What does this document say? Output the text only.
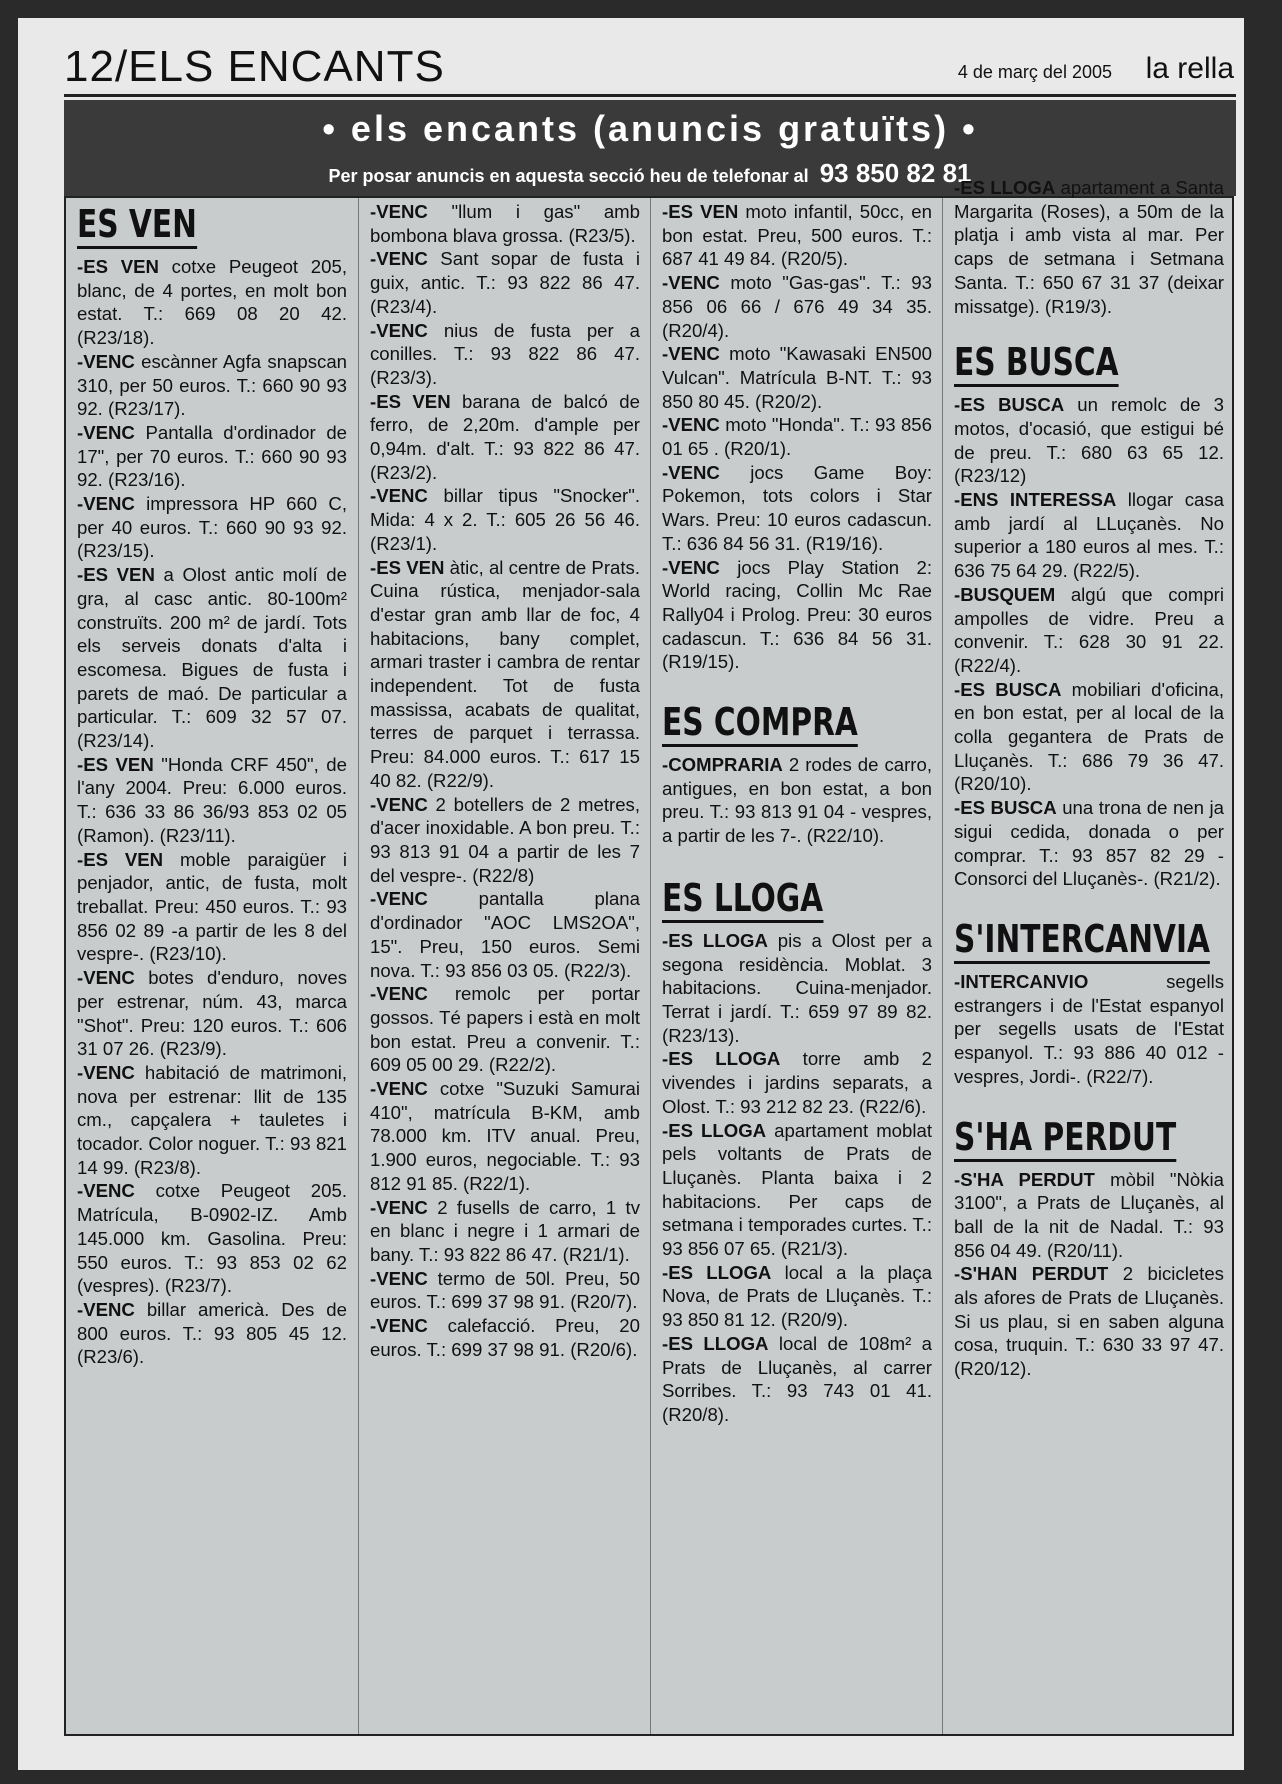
12/ELS ENCANTS	4 de març del 2005 la rella
• els encants (anuncis gratuïts) •
Per posar anuncis en aquesta secció heu de telefonar al 93 850 82 81
ES VEN
-ES VEN cotxe Peugeot 205, blanc, de 4 portes, en molt bon estat. T.: 669 08 20 42. (R23/18).
-VENC escànner Agfa snapscan 310, per 50 euros. T.: 660 90 93 92. (R23/17).
-VENC Pantalla d'ordinador de 17", per 70 euros. T.: 660 90 93 92. (R23/16).
-VENC impressora HP 660 C, per 40 euros. T.: 660 90 93 92. (R23/15).
-ES VEN a Olost antic molí de gra, al casc antic. 80-100m² construïts. 200 m² de jardí. Tots els serveis donats d'alta i escomesa. Bigues de fusta i parets de maó. De particular a particular. T.: 609 32 57 07. (R23/14).
-ES VEN "Honda CRF 450", de l'any 2004. Preu: 6.000 euros. T.: 636 33 86 36/93 853 02 05 (Ramon). (R23/11).
-ES VEN moble paraigüer i penjador, antic, de fusta, molt treballat. Preu: 450 euros. T.: 93 856 02 89 -a partir de les 8 del vespre-. (R23/10).
-VENC botes d'enduro, noves per estrenar, núm. 43, marca "Shot". Preu: 120 euros. T.: 606 31 07 26. (R23/9).
-VENC habitació de matrimoni, nova per estrenar: llit de 135 cm., capçalera + tauletes i tocador. Color noguer. T.: 93 821 14 99. (R23/8).
-VENC cotxe Peugeot 205. Matrícula, B-0902-IZ. Amb 145.000 km. Gasolina. Preu: 550 euros. T.: 93 853 02 62 (vespres). (R23/7).
-VENC billar americà. Des de 800 euros. T.: 93 805 45 12. (R23/6).
-VENC "llum i gas" amb bombona blava grossa. (R23/5).
-VENC Sant sopar de fusta i guix, antic. T.: 93 822 86 47. (R23/4).
-VENC nius de fusta per a conilles. T.: 93 822 86 47. (R23/3).
-ES VEN barana de balcó de ferro, de 2,20m. d'ample per 0,94m. d'alt. T.: 93 822 86 47. (R23/2).
-VENC billar tipus "Snocker". Mida: 4 x 2. T.: 605 26 56 46. (R23/1).
-ES VEN àtic, al centre de Prats. Cuina rústica, menjador-sala d'estar gran amb llar de foc, 4 habitacions, bany complet, armari traster i cambra de rentar independent. Tot de fusta massissa, acabats de qualitat, terres de parquet i terrassa. Preu: 84.000 euros. T.: 617 15 40 82. (R22/9).
-VENC 2 botellers de 2 metres, d'acer inoxidable. A bon preu. T.: 93 813 91 04 a partir de les 7 del vespre-. (R22/8)
-VENC pantalla plana d'ordinador "AOC LMS2OA", 15". Preu, 150 euros. Semi nova. T.: 93 856 03 05. (R22/3).
-VENC remolc per portar gossos. Té papers i està en molt bon estat. Preu a convenir. T.: 609 05 00 29. (R22/2).
-VENC cotxe "Suzuki Samurai 410", matrícula B-KM, amb 78.000 km. ITV anual. Preu, 1.900 euros, negociable. T.: 93 812 91 85. (R22/1).
-VENC 2 fusells de carro, 1 tv en blanc i negre i 1 armari de bany. T.: 93 822 86 47. (R21/1).
-VENC termo de 50l. Preu, 50 euros. T.: 699 37 98 91. (R20/7).
-VENC calefacció. Preu, 20 euros. T.: 699 37 98 91. (R20/6).
-ES VEN moto infantil, 50cc, en bon estat. Preu, 500 euros. T.: 687 41 49 84. (R20/5).
-VENC moto "Gas-gas". T.: 93 856 06 66 / 676 49 34 35. (R20/4).
-VENC moto "Kawasaki EN500 Vulcan". Matrícula B-NT. T.: 93 850 80 45. (R20/2).
-VENC moto "Honda". T.: 93 856 01 65 . (R20/1).
-VENC jocs Game Boy: Pokemon, tots colors i Star Wars. Preu: 10 euros cadascun. T.: 636 84 56 31. (R19/16).
-VENC jocs Play Station 2: World racing, Collin Mc Rae Rally04 i Prolog. Preu: 30 euros cadascun. T.: 636 84 56 31. (R19/15).
ES COMPRA
-COMPRARIA 2 rodes de carro, antigues, en bon estat, a bon preu. T.: 93 813 91 04 - vespres, a partir de les 7-. (R22/10).
ES LLOGA
-ES LLOGA pis a Olost per a segona residència. Moblat. 3 habitacions. Cuina-menjador. Terrat i jardí. T.: 659 97 89 82. (R23/13).
-ES LLOGA torre amb 2 vivendes i jardins separats, a Olost. T.: 93 212 82 23. (R22/6).
-ES LLOGA apartament moblat pels voltants de Prats de Lluçanès. Planta baixa i 2 habitacions. Per caps de setmana i temporades curtes. T.: 93 856 07 65. (R21/3).
-ES LLOGA local a la plaça Nova, de Prats de Lluçanès. T.: 93 850 81 12. (R20/9).
-ES LLOGA local de 108m² a Prats de Lluçanès, al carrer Sorribes. T.: 93 743 01 41. (R20/8).
-ES LLOGA apartament a Santa Margarita (Roses), a 50m de la platja i amb vista al mar. Per caps de setmana i Setmana Santa. T.: 650 67 31 37 (deixar missatge). (R19/3).
ES BUSCA
-ES BUSCA un remolc de 3 motos, d'ocasió, que estigui bé de preu. T.: 680 63 65 12. (R23/12)
-ENS INTERESSA llogar casa amb jardí al LLuçanès. No superior a 180 euros al mes. T.: 636 75 64 29. (R22/5).
-BUSQUEM algú que compri ampolles de vidre. Preu a convenir. T.: 628 30 91 22. (R22/4).
-ES BUSCA mobiliari d'oficina, en bon estat, per al local de la colla gegantera de Prats de Lluçanès. T.: 686 79 36 47. (R20/10).
-ES BUSCA una trona de nen ja sigui cedida, donada o per comprar. T.: 93 857 82 29 - Consorci del Lluçanès-. (R21/2).
S'INTERCANVIA
-INTERCANVIO segells estrangers i de l'Estat espanyol per segells usats de l'Estat espanyol. T.: 93 886 40 012 - vespres, Jordi-. (R22/7).
S'HA PERDUT
-S'HA PERDUT mòbil "Nòkia 3100", a Prats de Lluçanès, al ball de la nit de Nadal. T.: 93 856 04 49. (R20/11).
-S'HAN PERDUT 2 bicicletes als afores de Prats de Lluçanès. Si us plau, si en saben alguna cosa, truquin. T.: 630 33 97 47. (R20/12).
